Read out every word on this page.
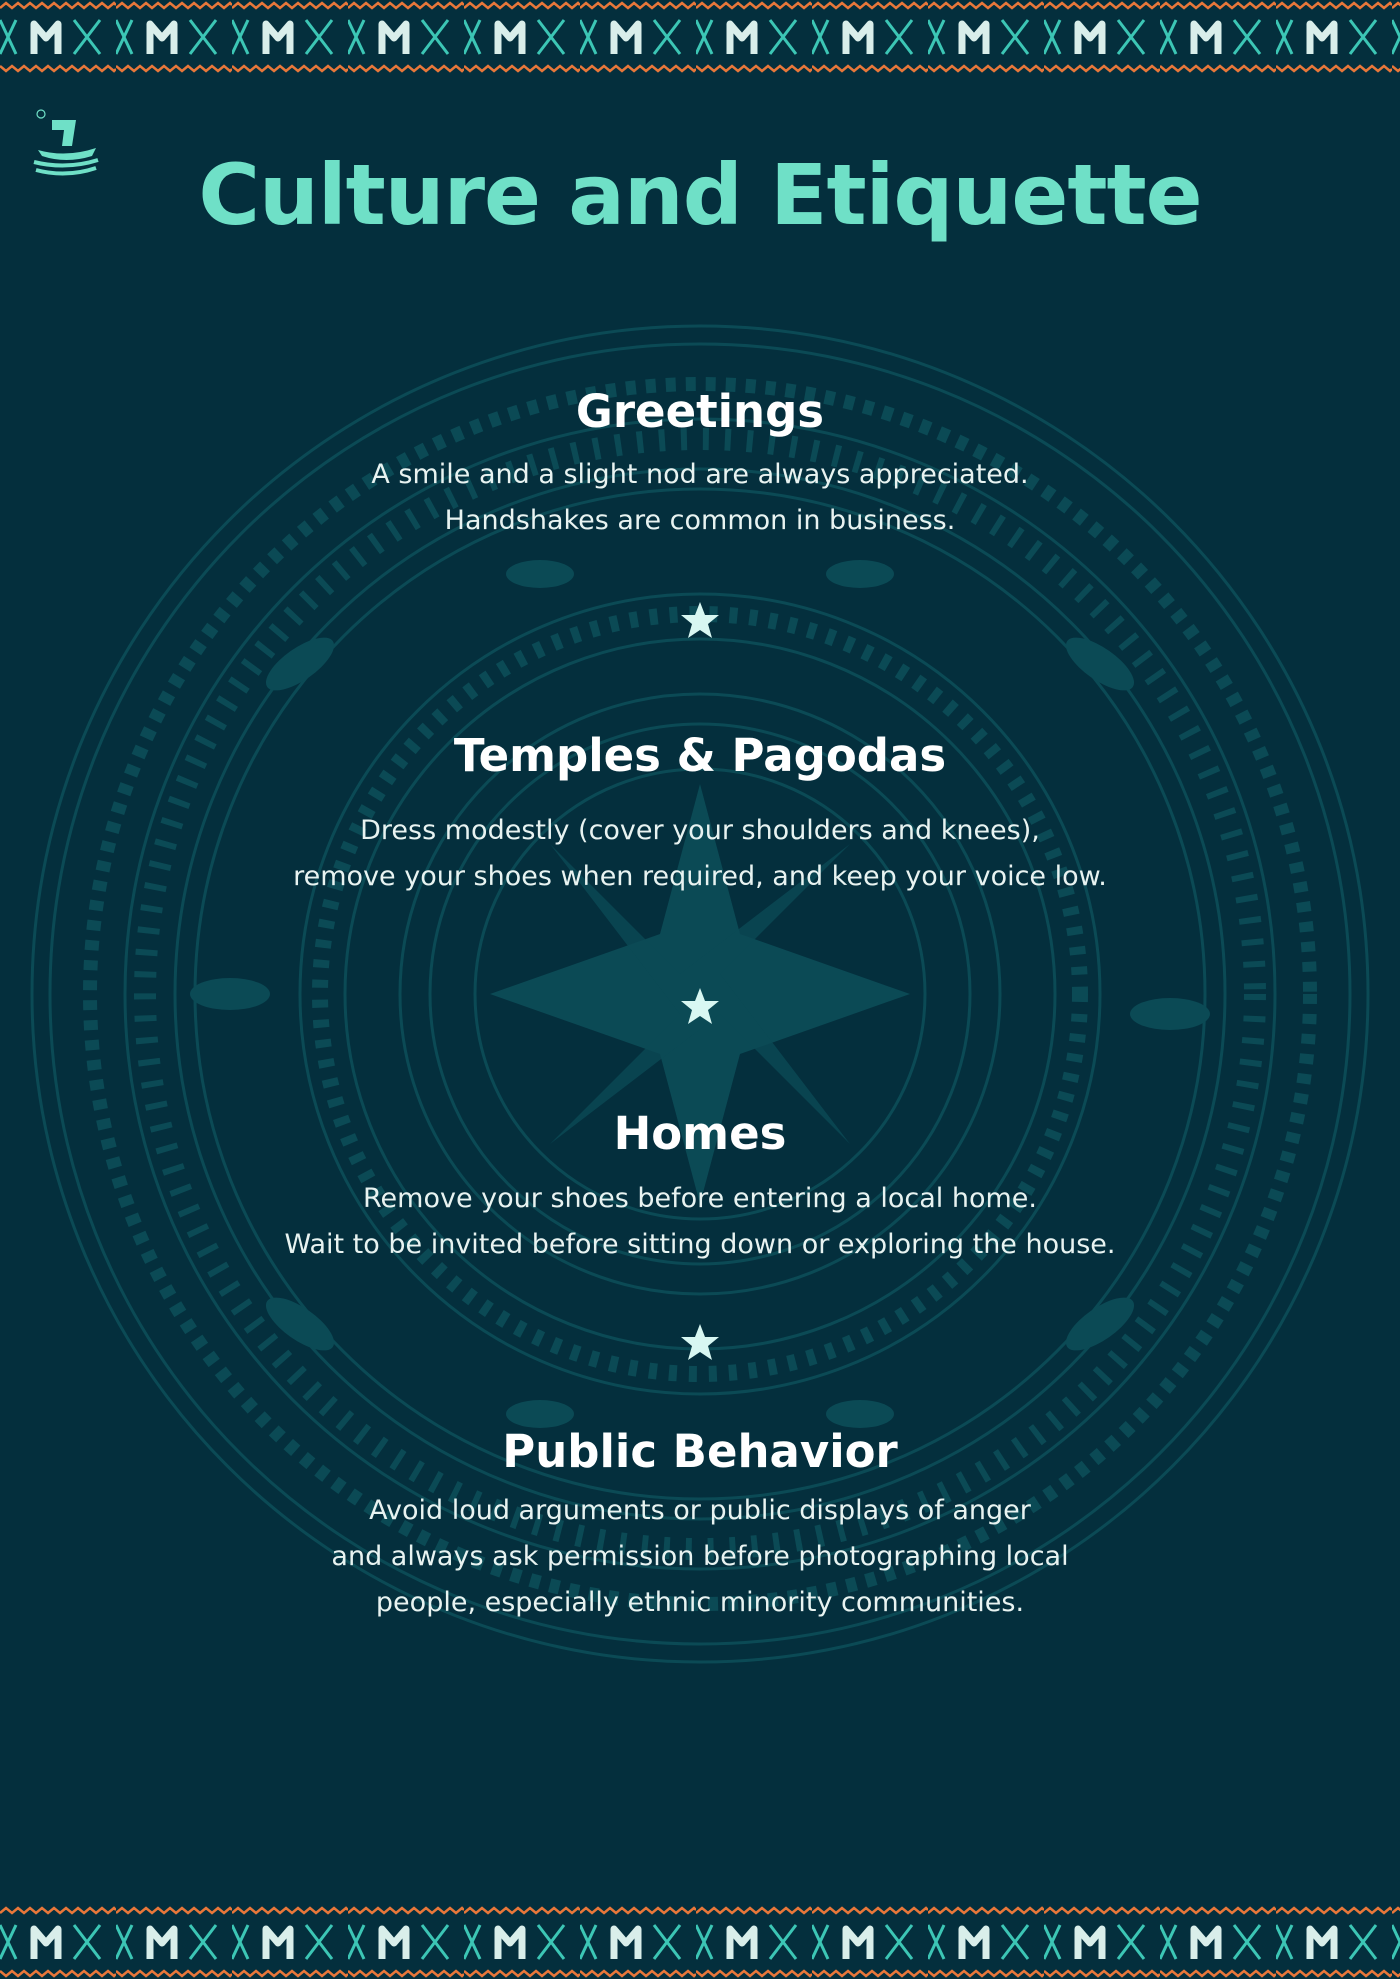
Culture and Etiquette
Greetings

A smile and a slight nod are always appreciated.
Handshakes are common in business.

Temples & Pagodas

Dress modestly (cover your shoulders and knees),
remove your shoes when required, and keep your voice low.

Homes

Remove your shoes before entering a local home.
Wait to be invited before sitting down or exploring the house.

Public Behavior

Avoid loud arguments or public displays of anger
and always ask permission before photographing local
people, especially ethnic minority communities.
